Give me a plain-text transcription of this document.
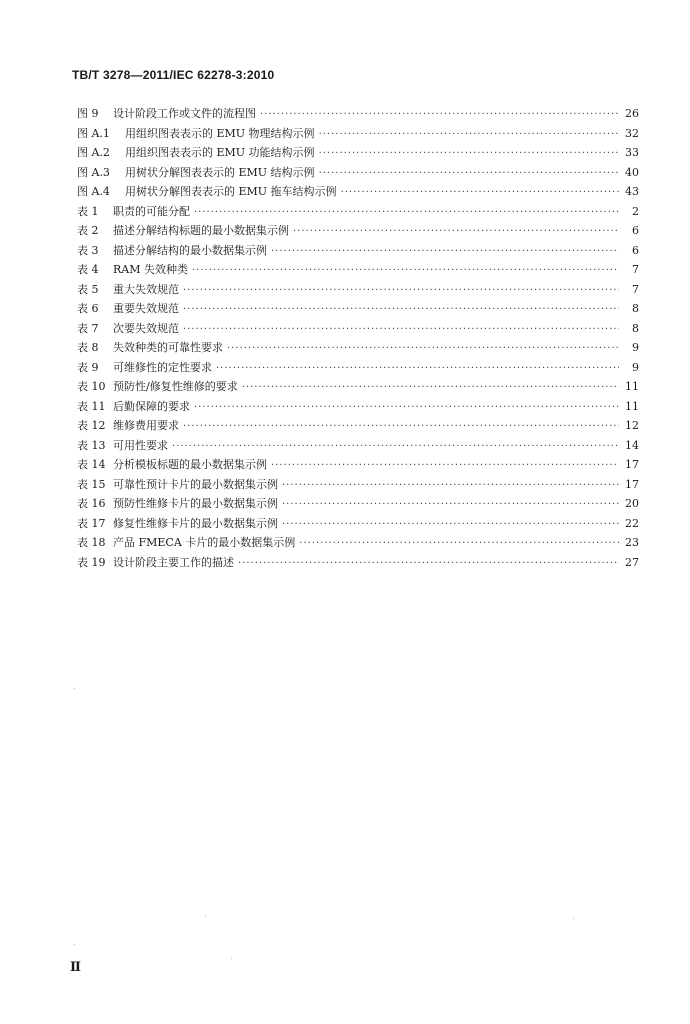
TB/T 3278—2011/IEC 62278-3:2010
图 9	设计阶段工作或文件的流程图 ·····	26
图 A.1	用组织图表表示的 EMU 物理结构示例 ·····	32
图 A.2	用组织图表表示的 EMU 功能结构示例 ·····	33
图 A.3	用树状分解图表表示的 EMU 结构示例 ·····	40
图 A.4	用树状分解图表表示的 EMU 拖车结构示例 ·····	43
表 1	职责的可能分配 ·····	2
表 2	描述分解结构标题的最小数据集示例 ·····	6
表 3	描述分解结构的最小数据集示例 ·····	6
表 4	RAM 失效种类 ·····	7
表 5	重大失效规范 ·····	7
表 6	重要失效规范 ·····	8
表 7	次要失效规范 ·····	8
表 8	失效种类的可靠性要求 ·····	9
表 9	可维修性的定性要求 ·····	9
表 10 预防性/修复性维修的要求 ·····	11
表 11 后勤保障的要求 ·····	11
表 12 维修费用要求 ·····	12
表 13 可用性要求 ·····	14
表 14 分析模板标题的最小数据集示例 ·····	17
表 15 可靠性预计卡片的最小数据集示例 ·····	17
表 16 预防性维修卡片的最小数据集示例 ·····	20
表 17 修复性维修卡片的最小数据集示例 ·····	22
表 18 产品 FMECA 卡片的最小数据集示例 ·····	23
表 19 设计阶段主要工作的描述 ·····	27
Ⅱ
